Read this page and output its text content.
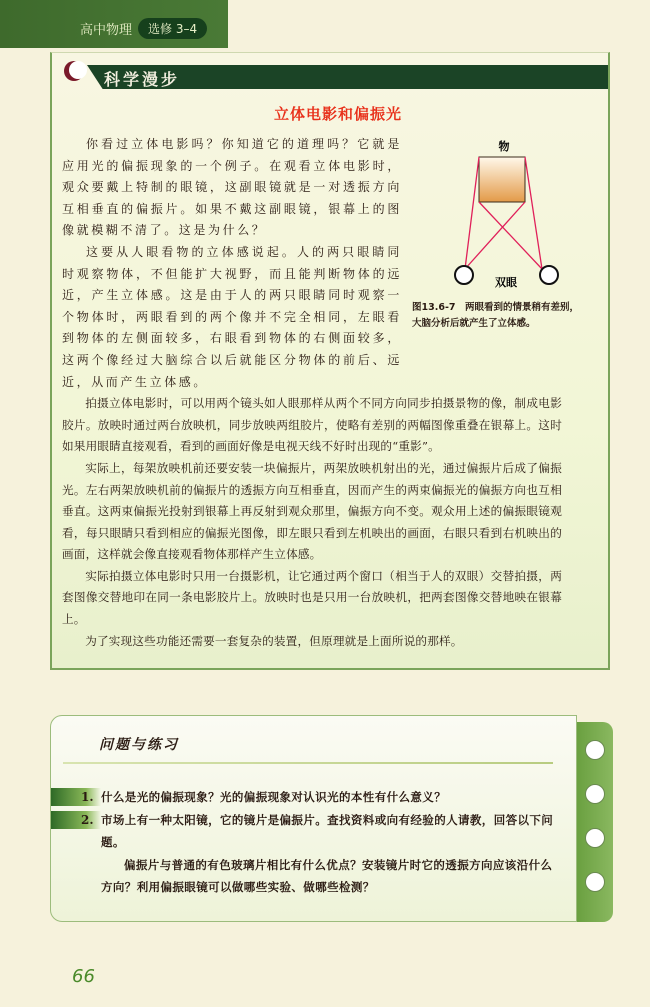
高中物理	选修 3–4
科学漫步
立体电影和偏振光

你看过立体电影吗？你知道它的道理吗？它就是应用光的偏振现象的一个例子。在观看立体电影时，观众要戴上特制的眼镜，这副眼镜就是一对透振方向互相垂直的偏振片。如果不戴这副眼镜，银幕上的图像就模糊不清了。这是为什么？

这要从人眼看物的立体感说起。人的两只眼睛同时观察物体，不但能扩大视野，而且能判断物体的远近，产生立体感。这是由于人的两只眼睛同时观察一个物体时，两眼看到的两个像并不完全相同，左眼看到物体的左侧面较多，右眼看到物体的右侧面较多，这两个像经过大脑综合以后就能区分物体的前后、远近，从而产生立体感。

物
双眼
图13.6-7　两眼看到的情景稍有差别，
大脑分析后就产生了立体感。

拍摄立体电影时，可以用两个镜头如人眼那样从两个不同方向同步拍摄景物的像，制成电影胶片。放映时通过两台放映机，同步放映两组胶片，使略有差别的两幅图像重叠在银幕上。这时如果用眼睛直接观看，看到的画面好像是电视天线不好时出现的“重影”。

实际上，每架放映机前还要安装一块偏振片，两架放映机射出的光，通过偏振片后成了偏振光。左右两架放映机前的偏振片的透振方向互相垂直，因而产生的两束偏振光的偏振方向也互相垂直。这两束偏振光投射到银幕上再反射到观众那里，偏振方向不变。观众用上述的偏振眼镜观看，每只眼睛只看到相应的偏振光图像，即左眼只看到左机映出的画面，右眼只看到右机映出的画面，这样就会像直接观看物体那样产生立体感。

实际拍摄立体电影时只用一台摄影机，让它通过两个窗口（相当于人的双眼）交替拍摄，两套图像交替地印在同一条电影胶片上。放映时也是只用一台放映机，把两套图像交替地映在银幕上。

为了实现这些功能还需要一套复杂的装置，但原理就是上面所说的那样。

问题与练习
1. 什么是光的偏振现象？光的偏振现象对认识光的本性有什么意义？
2. 市场上有一种太阳镜，它的镜片是偏振片。查找资料或向有经验的人请教，回答以下问题。
偏振片与普通的有色玻璃片相比有什么优点？安装镜片时它的透振方向应该沿什么方向？利用偏振眼镜可以做哪些实验、做哪些检测？
66
